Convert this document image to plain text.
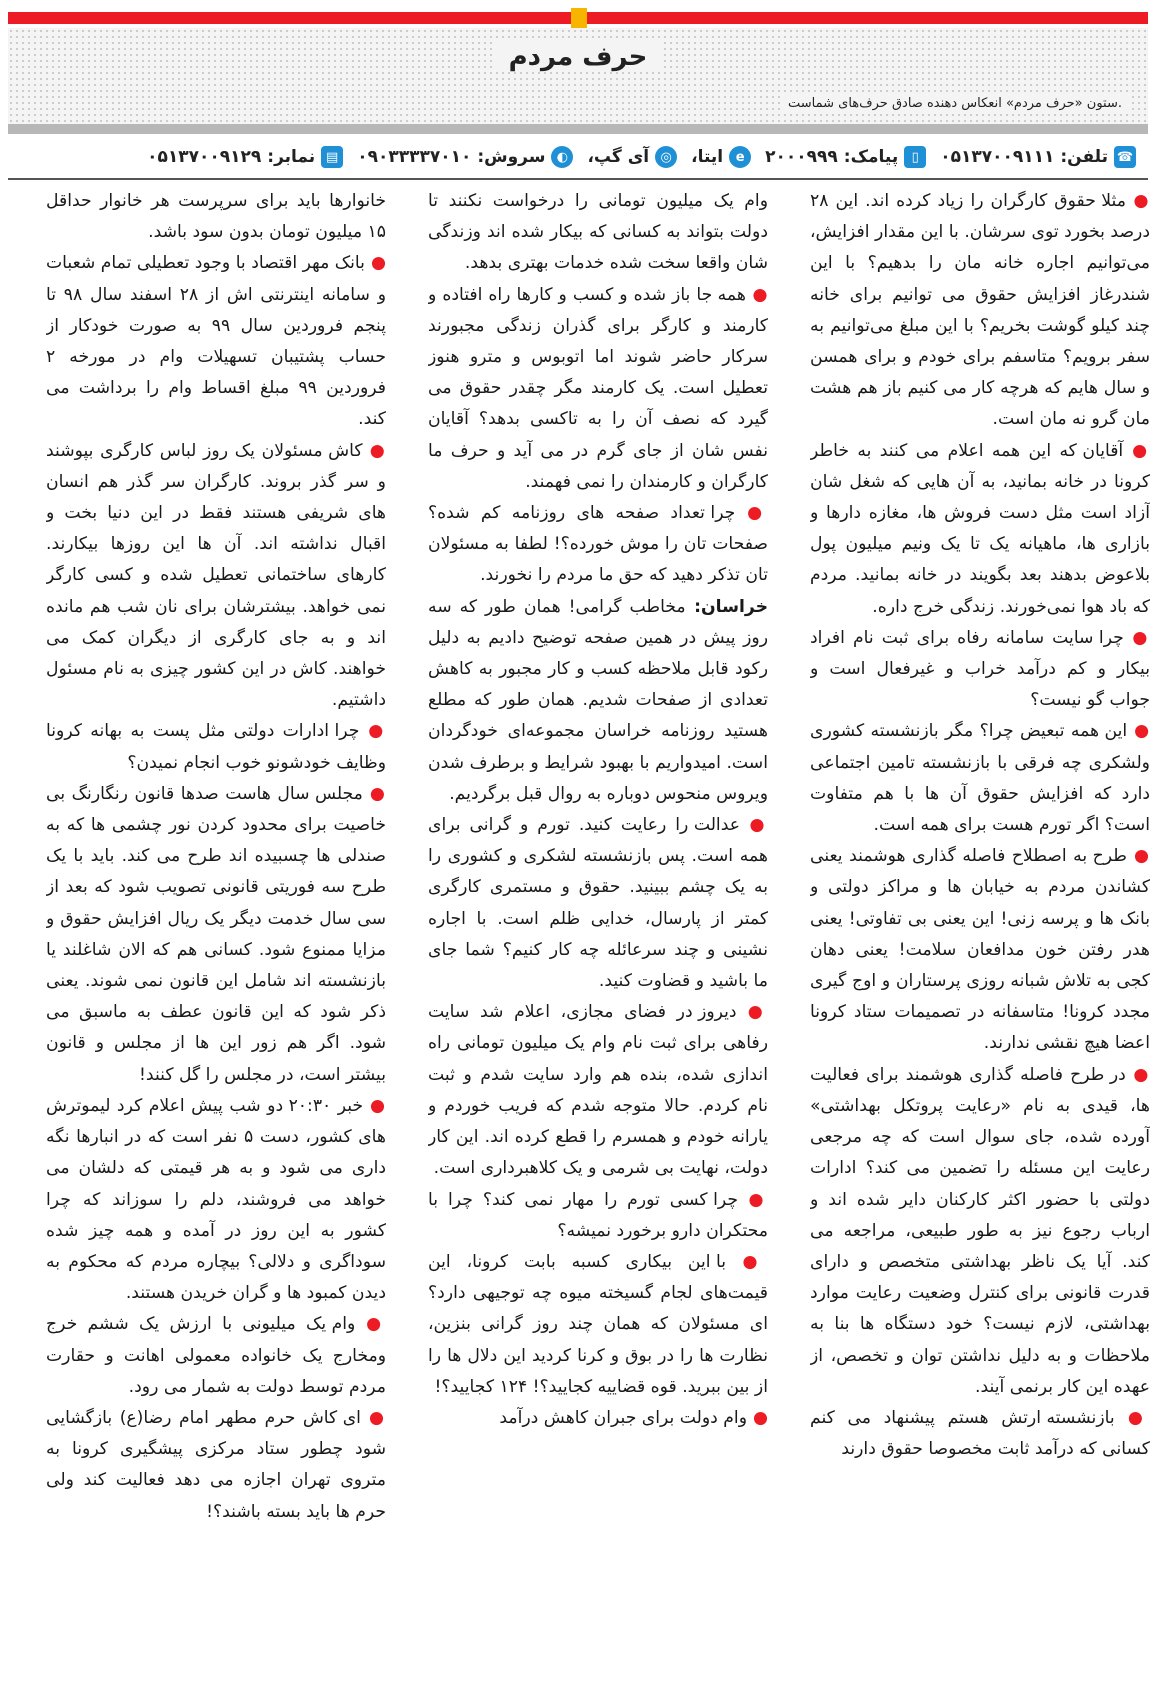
حرف مردم
ستون «حرف مردم» انعکاس دهنده صادق حرف‌های شماست.
☎
تلفن:
۰۵۱۳۷۰۰۹۱۱۱
▯
پیامک:
۲۰۰۰۹۹۹
e
ایتا،
◎
آی گپ،
◐
سروش:
۰۹۰۳۳۳۳۷۰۱۰
▤
نمابر:
۰۵۱۳۷۰۰۹۱۲۹

● مثلا حقوق کارگران را زیاد کرده اند. این ۲۸ درصد بخورد توی سرشان. با این مقدار افزایش، می‌توانیم اجاره خانه مان را بدهیم؟ با این شندرغاز افزایش حقوق می توانیم برای خانه چند کیلو گوشت بخریم؟ با این مبلغ می‌توانیم به سفر برویم؟ متاسفم برای خودم و برای همسن و سال هایم که هرچه کار می کنیم باز هم هشت مان گرو نه مان است.

● آقایان که این همه اعلام می کنند به خاطر کرونا در خانه بمانید، به آن هایی که شغل شان آزاد است مثل دست فروش ها، مغازه دارها و بازاری ها، ماهیانه یک تا یک ونیم میلیون پول بلاعوض بدهند بعد بگویند در خانه بمانید. مردم که باد هوا نمی‌خورند. زندگی خرج داره.

● چرا سایت سامانه رفاه برای ثبت نام افراد بیکار و کم درآمد خراب و غیرفعال است و جواب گو نیست؟

● این همه تبعیض چرا؟ مگر بازنشسته کشوری ولشکری چه فرقی با بازنشسته تامین اجتماعی دارد که افزایش حقوق آن ها با هم متفاوت است؟ اگر تورم هست برای همه است.

● طرح به اصطلاح فاصله گذاری هوشمند یعنی کشاندن مردم به خیابان ها و مراکز دولتی و بانک ها و پرسه زنی! این یعنی بی تفاوتی! یعنی هدر رفتن خون مدافعان سلامت! یعنی دهان کجی به تلاش شبانه روزی پرستاران و اوج گیری مجدد کرونا! متاسفانه در تصمیمات ستاد کرونا اعضا هیچ نقشی ندارند.

● در طرح فاصله گذاری هوشمند برای فعالیت ها، قیدی به نام «رعایت پروتکل بهداشتی» آورده شده، جای سوال است که چه مرجعی رعایت این مسئله را تضمین می کند؟ ادارات دولتی با حضور اکثر کارکنان دایر شده اند و ارباب رجوع نیز به طور طبیعی، مراجعه می کند. آیا یک ناظر بهداشتی متخصص و دارای قدرت قانونی برای کنترل وضعیت رعایت موارد بهداشتی، لازم نیست؟ خود دستگاه ها بنا به ملاحظات و به دلیل نداشتن توان و تخصص، از عهده این کار برنمی آیند.

● بازنشسته ارتش هستم پیشنهاد می کنم کسانی که درآمد ثابت مخصوصا حقوق دارند

وام یک میلیون تومانی را درخواست نکنند تا دولت بتواند به کسانی که بیکار شده اند وزندگی شان واقعا سخت شده خدمات بهتری بدهد.

● همه جا باز شده و کسب و کارها راه افتاده و کارمند و کارگر برای گذران زندگی مجبورند سرکار حاضر شوند اما اتوبوس و مترو هنوز تعطیل است. یک کارمند مگر چقدر حقوق می گیرد که نصف آن را به تاکسی بدهد؟ آقایان نفس شان از جای گرم در می آید و حرف ما کارگران و کارمندان را نمی فهمند.

● چرا تعداد صفحه های روزنامه کم شده؟ صفحات تان را موش خورده؟! لطفا به مسئولان تان تذکر دهید که حق ما مردم را نخورند.

خراسان: مخاطب گرامی! همان طور که سه روز پیش در همین صفحه توضیح دادیم به دلیل رکود قابل ملاحظه کسب و کار مجبور به کاهش تعدادی از صفحات شدیم. همان طور که مطلع هستید روزنامه خراسان مجموعه‌ای خودگردان است. امیدواریم با بهبود شرایط و برطرف شدن ویروس منحوس دوباره به روال قبل برگردیم.

● عدالت را رعایت کنید. تورم و گرانی برای همه است. پس بازنشسته لشکری و کشوری را به یک چشم ببینید. حقوق و مستمری کارگری کمتر از پارسال، خدایی ظلم است. با اجاره نشینی و چند سرعائله چه کار کنیم؟ شما جای ما باشید و قضاوت کنید.

● دیروز در فضای مجازی، اعلام شد سایت رفاهی برای ثبت نام وام یک میلیون تومانی راه اندازی شده، بنده هم وارد سایت شدم و ثبت نام کردم. حالا متوجه شدم که فریب خوردم و یارانه خودم و همسرم را قطع کرده اند. این کار دولت، نهایت بی شرمی و یک کلاهبرداری است.

● چرا کسی تورم را مهار نمی کند؟ چرا با محتکران دارو برخورد نمیشه؟

● با این بیکاری کسبه بابت کرونا، این قیمت‌های لجام گسیخته میوه چه توجیهی دارد؟ ای مسئولان که همان چند روز گرانی بنزین، نظارت ها را در بوق و کرنا کردید این دلال ها را از بین ببرید. قوه قضاییه کجایید؟! ۱۲۴ کجایید؟!

● وام دولت برای جبران کاهش درآمد

خانوارها باید برای سرپرست هر خانوار حداقل ۱۵ میلیون تومان بدون سود باشد.

● بانک مهر اقتصاد با وجود تعطیلی تمام شعبات و سامانه اینترنتی اش از ۲۸ اسفند سال ۹۸ تا پنجم فروردین سال ۹۹ به صورت خودکار از حساب پشتیبان تسهیلات وام در مورخه ۲ فروردین ۹۹ مبلغ اقساط وام را برداشت می کند.

● کاش مسئولان یک روز لباس کارگری بپوشند و سر گذر بروند. کارگران سر گذر هم انسان های شریفی هستند فقط در این دنیا بخت و اقبال نداشته اند. آن ها این روزها بیکارند. کارهای ساختمانی تعطیل شده و کسی کارگر نمی خواهد. بیشترشان برای نان شب هم مانده اند و به جای کارگری از دیگران کمک می خواهند. کاش در این کشور چیزی به نام مسئول داشتیم.

● چرا ادارات دولتی مثل پست به بهانه کرونا وظایف خودشونو خوب انجام نمیدن؟

● مجلس سال هاست صدها قانون رنگارنگ بی خاصیت برای محدود کردن نور چشمی ها که به صندلی ها چسبیده اند طرح می کند. باید با یک طرح سه فوریتی قانونی تصویب شود که بعد از سی سال خدمت دیگر یک ریال افزایش حقوق و مزایا ممنوع شود. کسانی هم که الان شاغلند یا بازنشسته اند شامل این قانون نمی شوند. یعنی ذکر شود که این قانون عطف به ماسبق می شود. اگر هم زور این ها از مجلس و قانون بیشتر است، در مجلس را گل کنند!

● خبر ۲۰:۳۰ دو شب پیش اعلام کرد لیموترش های کشور، دست ۵ نفر است که در انبارها نگه داری می شود و به هر قیمتی که دلشان می خواهد می فروشند، دلم را سوزاند که چرا کشور به این روز در آمده و همه چیز شده سوداگری و دلالی؟ بیچاره مردم که محکوم به دیدن کمبود ها و گران خریدن هستند.

● وام یک میلیونی با ارزش یک ششم خرج ومخارج یک خانواده معمولی اهانت و حقارت مردم توسط دولت به شمار می رود.

● ای کاش حرم مطهر امام رضا(ع) بازگشایی شود چطور ستاد مرکزی پیشگیری کرونا به متروی تهران اجازه می دهد فعالیت کند ولی حرم ها باید بسته باشند؟!
